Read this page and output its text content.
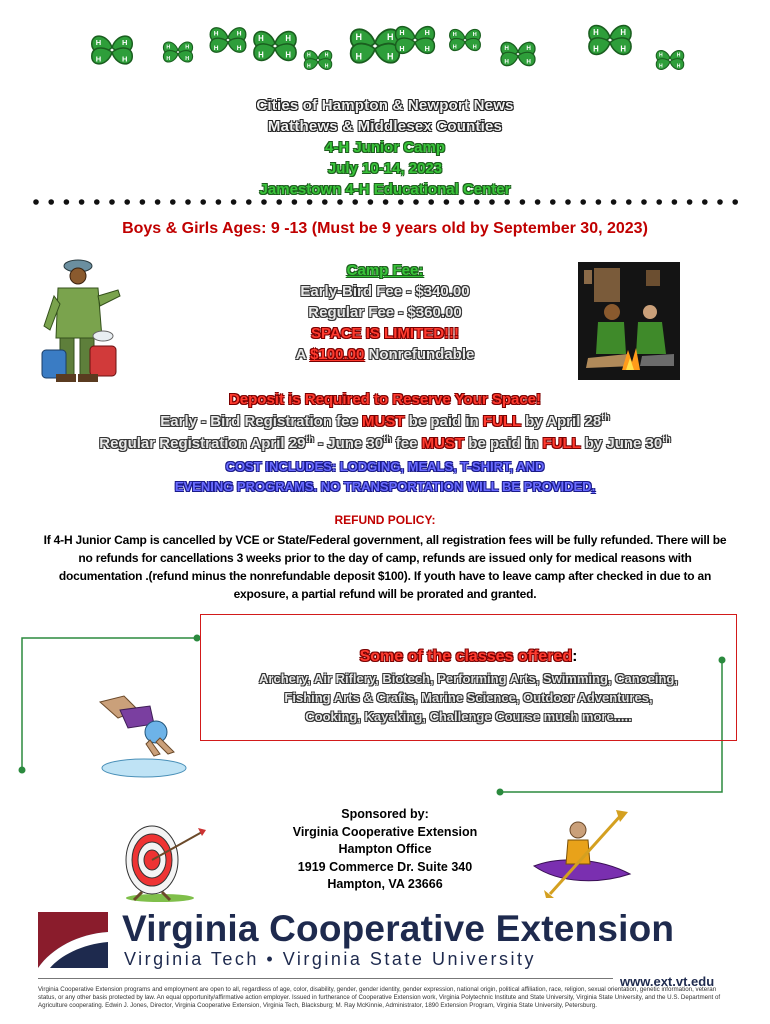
H	H
H	H
Cities of Hampton & Newport News
Matthews & Middlesex Counties
4-H Junior Camp
July 10-14, 2023
Jamestown 4-H Educational Center
Boys & Girls Ages: 9 -13 (Must be 9 years old by September 30, 2023)
Camp Fee:
Early-Bird Fee - $340.00
Regular Fee - $360.00
SPACE IS LIMITED!!!
A $100.00 Nonrefundable
Deposit is Required to Reserve Your Space!
Early - Bird Registration fee MUST be paid in FULL by April 28th
Regular Registration April 29th - June 30th fee MUST be paid in FULL by June 30th
COST INCLUDES: LODGING, MEALS, T-SHIRT, AND
EVENING PROGRAMS. NO TRANSPORTATION WILL BE PROVIDED.
REFUND POLICY:
If 4-H Junior Camp is cancelled by VCE or State/Federal government, all registration fees will be fully refunded. There will be no refunds for cancellations 3 weeks prior to the day of camp, refunds are issued only for medical reasons with documentation .(refund minus the nonrefundable deposit $100). If youth have to leave camp after checked in due to an exposure, a partial refund will be prorated and granted.
Some of the classes offered:
Archery, Air Riflery, Biotech, Performing Arts, Swimming, Canoeing,
Fishing Arts & Crafts, Marine Science, Outdoor Adventures,
Cooking, Kayaking, Challenge Course much more.....
Sponsored by:
Virginia Cooperative Extension
Hampton Office
1919 Commerce Dr. Suite 340
Hampton, VA 23666
Virginia Cooperative Extension
Virginia Tech • Virginia State University
www.ext.vt.edu
Virginia Cooperative Extension programs and employment are open to all, regardless of age, color, disability, gender, gender identity, gender expression, national origin, political affiliation, race, religion, sexual orientation, genetic information, veteran status, or any other basis protected by law. An equal opportunity/affirmative action employer. Issued in furtherance of Cooperative Extension work, Virginia Polytechnic Institute and State University, Virginia State University, and the U.S. Department of Agriculture cooperating. Edwin J. Jones, Director, Virginia Cooperative Extension, Virginia Tech, Blacksburg; M. Ray McKinnie, Administrator, 1890 Extension Program, Virginia State University, Petersburg.
